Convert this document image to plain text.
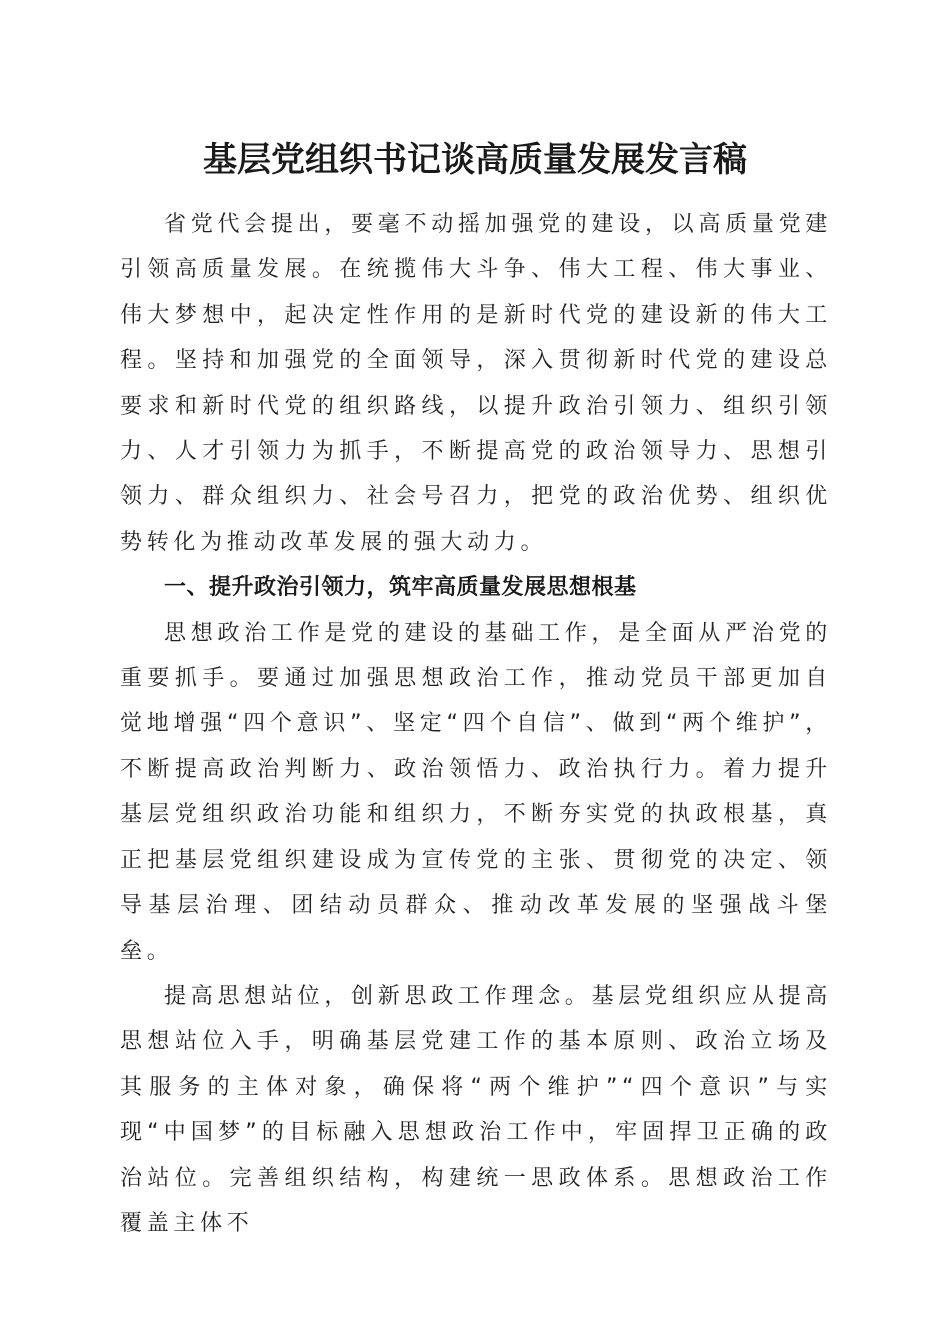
基层党组织书记谈高质量发展发言稿

省党代会提出，要毫不动摇加强党的建设，以高质量党建引领高质量发展。在统揽伟大斗争、伟大工程、伟大事业、伟大梦想中，起决定性作用的是新时代党的建设新的伟大工程。坚持和加强党的全面领导，深入贯彻新时代党的建设总要求和新时代党的组织路线，以提升政治引领力、组织引领力、人才引领力为抓手，不断提高党的政治领导力、思想引领力、群众组织力、社会号召力，把党的政治优势、组织优势转化为推动改革发展的强大动力。

一、提升政治引领力，筑牢高质量发展思想根基

思想政治工作是党的建设的基础工作，是全面从严治党的重要抓手。要通过加强思想政治工作，推动党员干部更加自觉地增强“四个意识”、坚定“四个自信”、做到“两个维护”，不断提高政治判断力、政治领悟力、政治执行力。着力提升基层党组织政治功能和组织力，不断夯实党的执政根基，真正把基层党组织建设成为宣传党的主张、贯彻党的决定、领导基层治理、团结动员群众、推动改革发展的坚强战斗堡垒。

提高思想站位，创新思政工作理念。基层党组织应从提高思想站位入手，明确基层党建工作的基本原则、政治立场及其服务的主体对象，确保将“两个维护”“四个意识”与实现“中国梦”的目标融入思想政治工作中，牢固捍卫正确的政治站位。完善组织结构，构建统一思政体系。思想政治工作覆盖主体不
